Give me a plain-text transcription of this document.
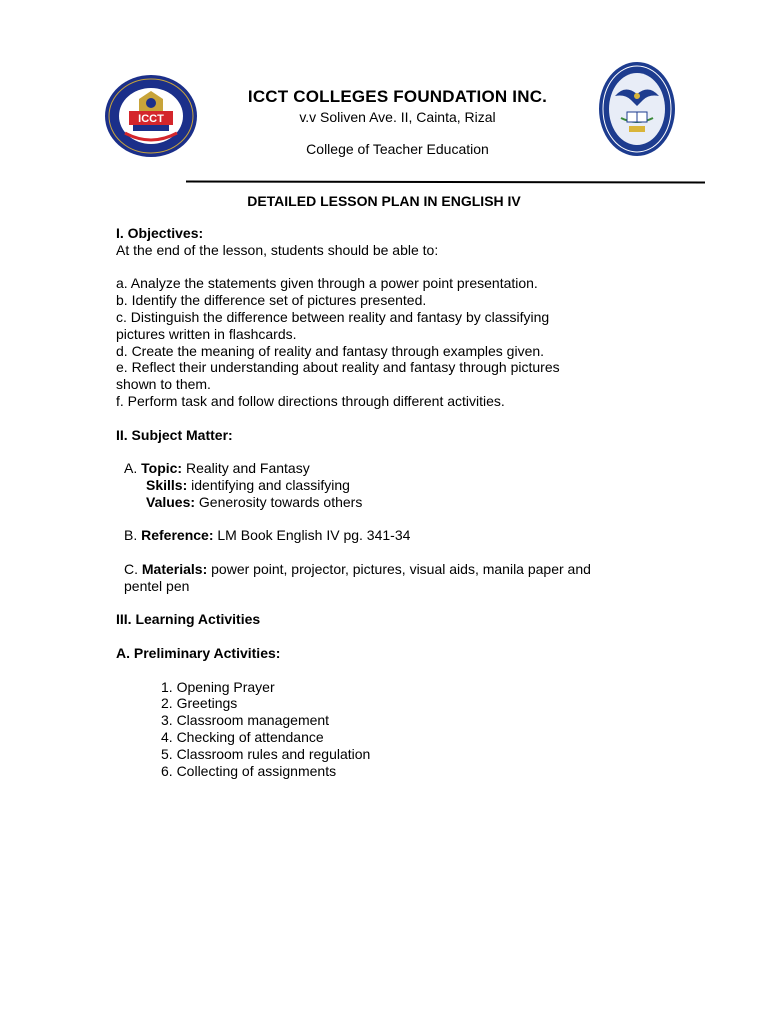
ICCT
ICCT COLLEGES FOUNDATION INC.
v.v Soliven Ave. II, Cainta, Rizal
College of Teacher Education
DETAILED LESSON PLAN IN ENGLISH IV
I. Objectives:
At the end of the lesson, students should be able to:
a. Analyze the statements given through a power point presentation.
b. Identify the difference set of pictures presented.
c. Distinguish the difference between reality and fantasy by classifying
pictures written in flashcards.
d. Create the meaning of reality and fantasy through examples given.
e. Reflect their understanding about reality and fantasy through pictures
shown to them.
f. Perform task and follow directions through different activities.
II. Subject Matter:
A. Topic: Reality and Fantasy
Skills: identifying and classifying
Values: Generosity towards others
B. Reference: LM Book English IV pg. 341-34
C. Materials: power point, projector, pictures, visual aids, manila paper and
pentel pen
III. Learning Activities
A. Preliminary Activities:
1. Opening Prayer
2. Greetings
3. Classroom management
4. Checking of attendance
5. Classroom rules and regulation
6. Collecting of assignments
